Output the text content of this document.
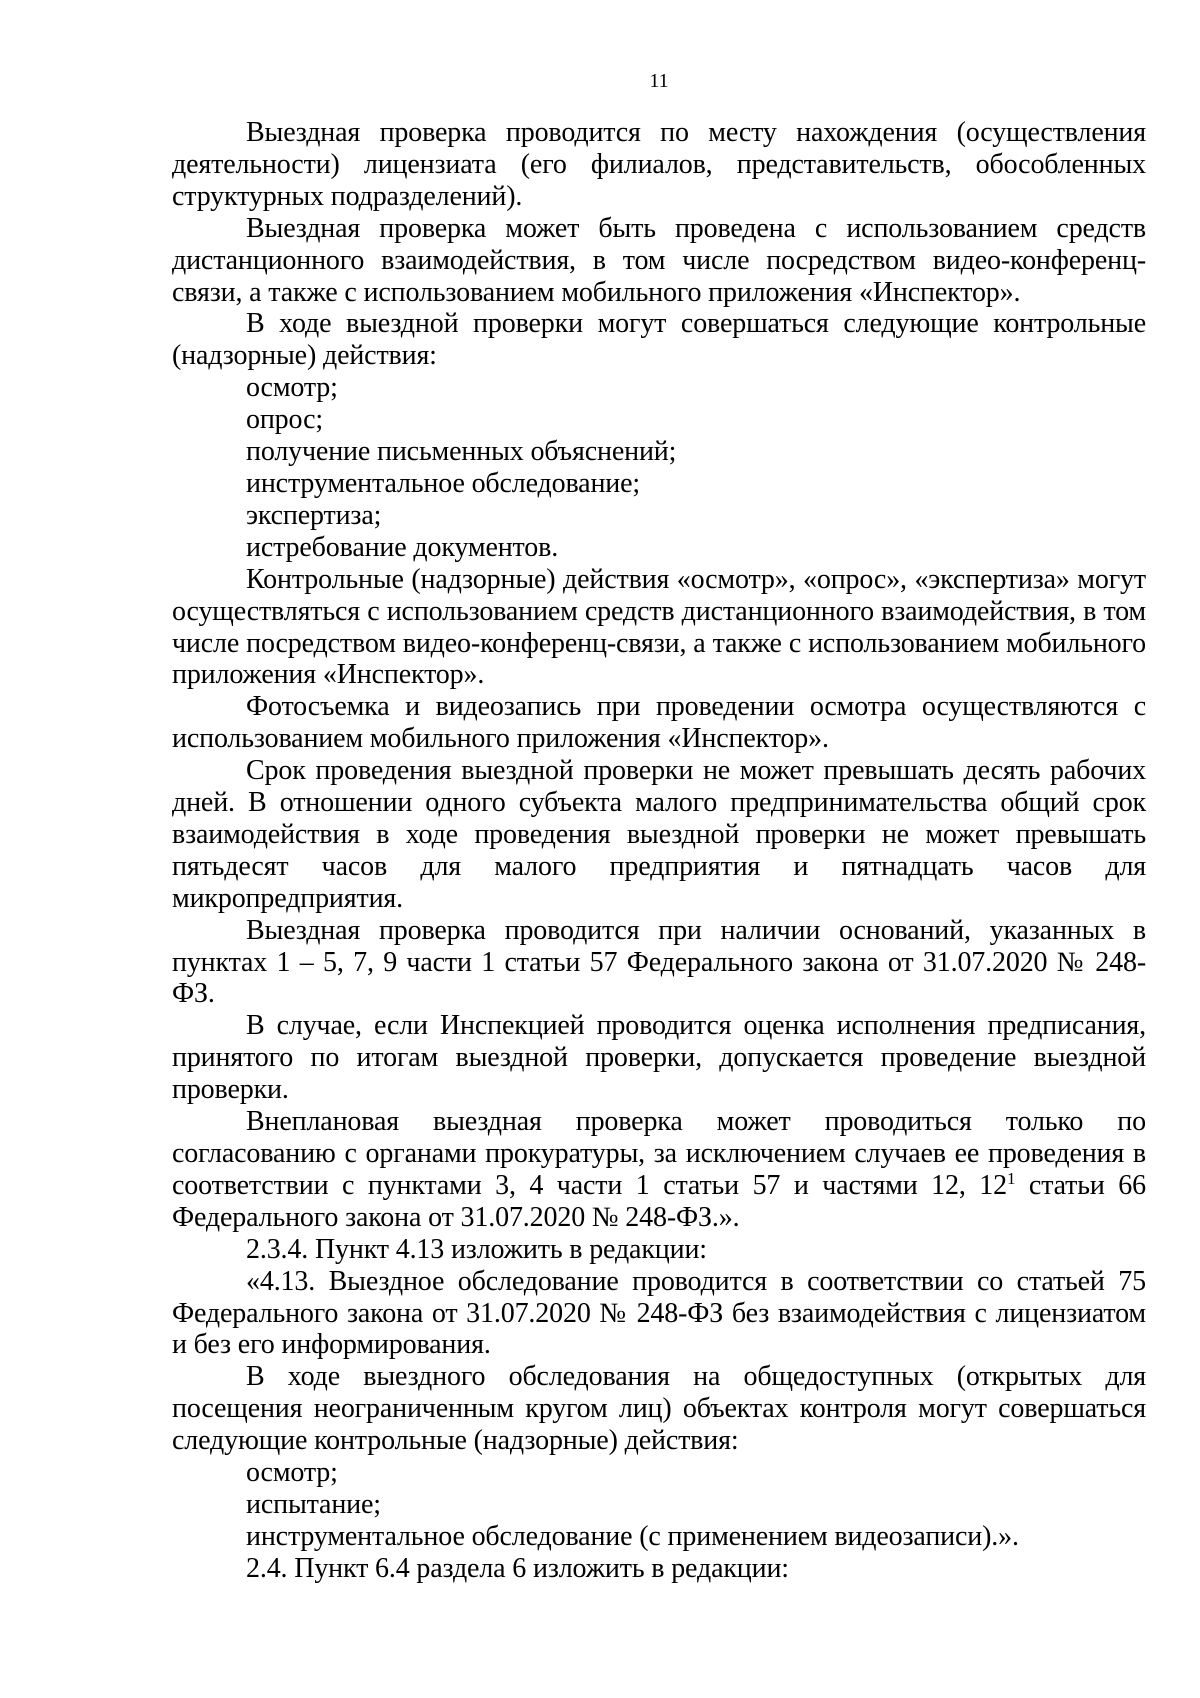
11

Выездная проверка проводится по месту нахождения (осуществления деятельности) лицензиата (его филиалов, представительств, обособленных структурных подразделений).

Выездная проверка может быть проведена с использованием средств дистанционного взаимодействия, в том числе посредством видео-конференц-связи, а также с использованием мобильного приложения «Инспектор».

В ходе выездной проверки могут совершаться следующие контрольные (надзорные) действия:

осмотр;

опрос;

получение письменных объяснений;

инструментальное обследование;

экспертиза;

истребование документов.

Контрольные (надзорные) действия «осмотр», «опрос», «экспертиза» могут осуществляться с использованием средств дистанционного взаимодействия, в том числе посредством видео-конференц-связи, а также с использованием мобильного приложения «Инспектор».

Фотосъемка и видеозапись при проведении осмотра осуществляются с использованием мобильного приложения «Инспектор».

Срок проведения выездной проверки не может превышать десять рабочих дней. В отношении одного субъекта малого предпринимательства общий срок взаимодействия в ходе проведения выездной проверки не может превышать пятьдесят часов для малого предприятия и пятнадцать часов для микропредприятия.

Выездная проверка проводится при наличии оснований, указанных в пунктах 1 – 5, 7, 9 части 1 статьи 57 Федерального закона от 31.07.2020 № 248-ФЗ.

В случае, если Инспекцией проводится оценка исполнения предписания, принятого по итогам выездной проверки, допускается проведение выездной проверки.

Внеплановая выездная проверка может проводиться только по согласованию с органами прокуратуры, за исключением случаев ее проведения в соответствии с пунктами 3, 4 части 1 статьи 57 и частями 12, $12^1$ статьи 66 Федерального закона от 31.07.2020 № 248-ФЗ.».

2.3.4. Пункт 4.13 изложить в редакции:

«4.13. Выездное обследование проводится в соответствии со статьей 75 Федерального закона от 31.07.2020 № 248-ФЗ без взаимодействия с лицензиатом и без его информирования.

В ходе выездного обследования на общедоступных (открытых для посещения неограниченным кругом лиц) объектах контроля могут совершаться следующие контрольные (надзорные) действия:

осмотр;

испытание;

инструментальное обследование (с применением видеозаписи).».

2.4. Пункт 6.4 раздела 6 изложить в редакции:
